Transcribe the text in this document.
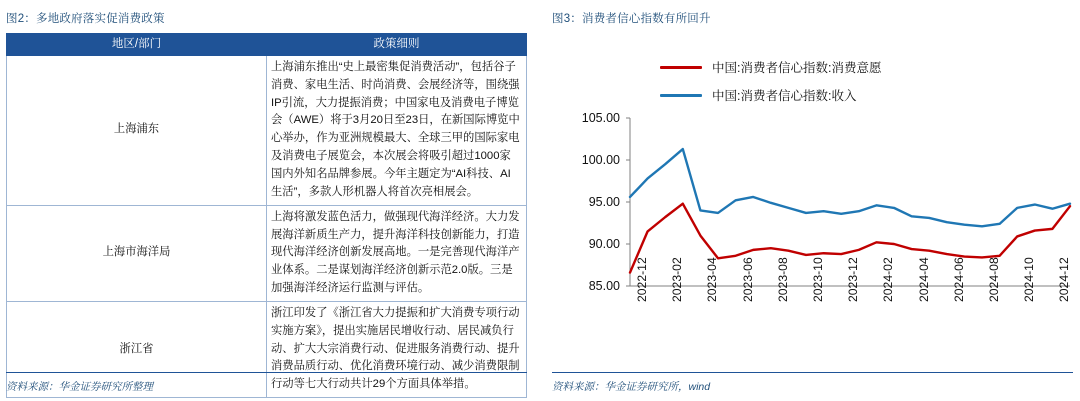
图2：多地政府落实促消费政策
地区/部门	政策细则
上海浦东	上海浦东推出“史上最密集促消费活动”，包括谷子消费、家电生活、时尚消费、会展经济等，围绕强IP引流，大力提振消费；中国家电及消费电子博览会（AWE）将于3月20日至23日，在新国际博览中心举办，作为亚洲规模最大、全球三甲的国际家电及消费电子展览会，本次展会将吸引超过1000家国内外知名品牌参展。今年主题定为“AI科技、AI生活”，多款人形机器人将首次亮相展会。
上海市海洋局	上海将激发蓝色活力，做强现代海洋经济。大力发展海洋新质生产力，提升海洋科技创新能力，打造现代海洋经济创新发展高地。一是完善现代海洋产业体系。二是谋划海洋经济创新示范2.0版。三是加强海洋经济运行监测与评估。
浙江省	浙江印发了《浙江省大力提振和扩大消费专项行动实施方案》，提出实施居民增收行动、居民减负行动、扩大大宗消费行动、促进服务消费行动、提升消费品质行动、优化消费环境行动、减少消费限制行动等七大行动共计29个方面具体举措。
资料来源：华金证券研究所整理
图3：消费者信心指数有所回升
中国:消费者信心指数:消费意愿
中国:消费者信心指数:收入
85.00
90.00
95.00
100.00
105.00
2022-12 2023-02 2023-04 2023-06 2023-08 2023-10 2023-12 2024-02 2024-04 2024-06 2024-08 2024-10 2024-12
资料来源：华金证券研究所，wind
